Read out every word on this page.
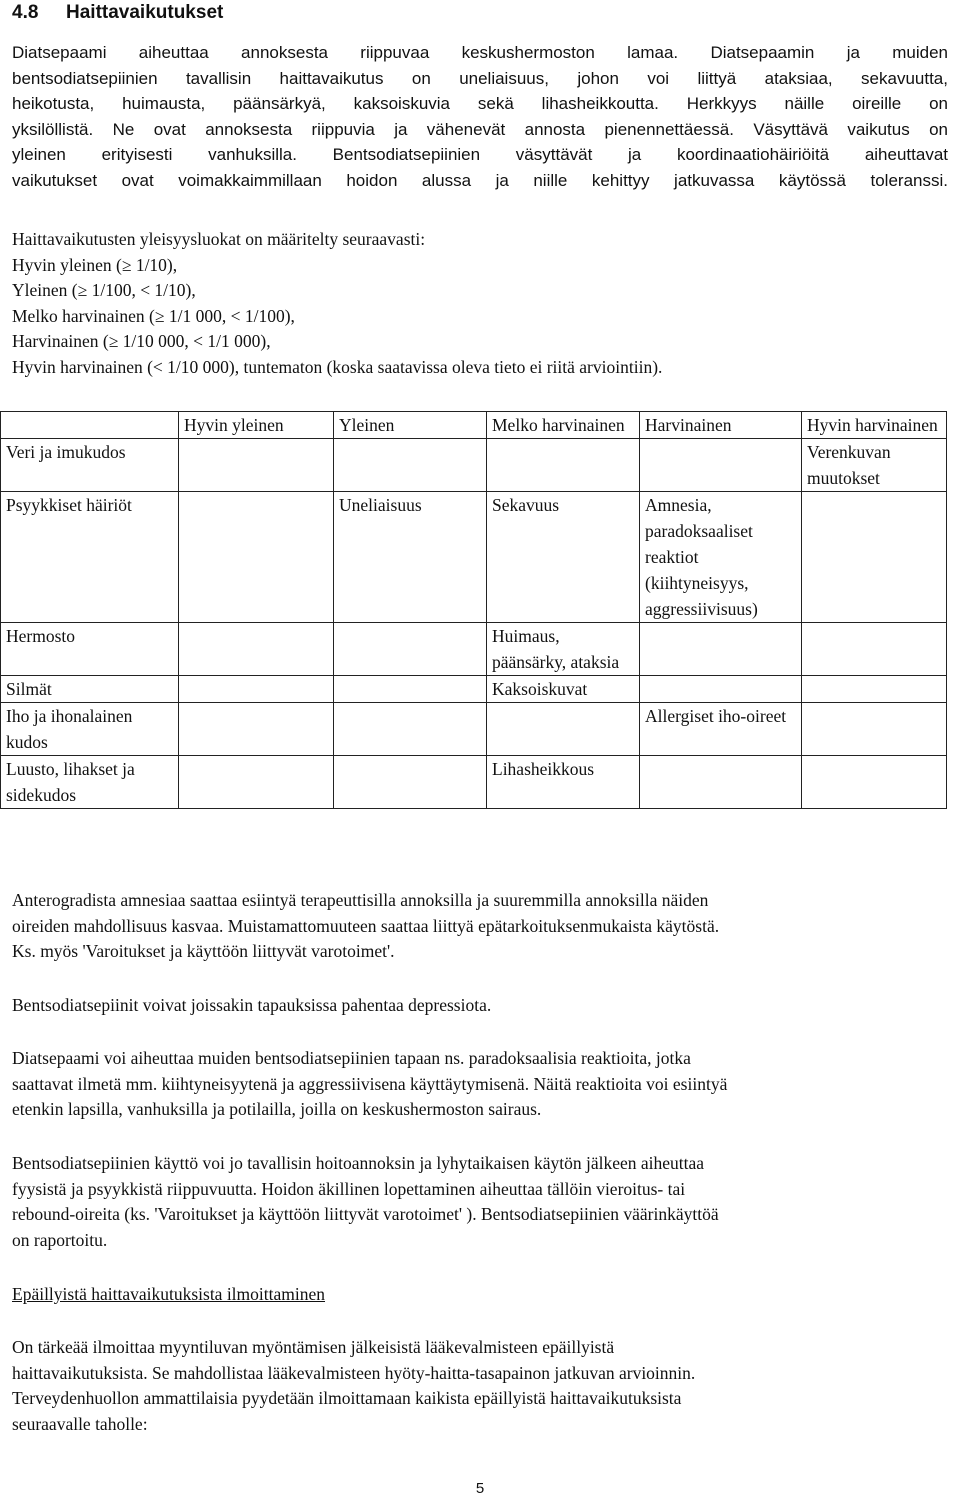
4.8 Haittavaikutukset
Diatsepaami aiheuttaa annoksesta riippuvaa keskushermoston lamaa. Diatsepaamin ja muiden
bentsodiatsepiinien tavallisin haittavaikutus on uneliaisuus, johon voi liittyä ataksiaa, sekavuutta,
heikotusta, huimausta, päänsärkyä, kaksoiskuvia sekä lihasheikkoutta. Herkkyys näille oireille on
yksilöllistä. Ne ovat annoksesta riippuvia ja vähenevät annosta pienennettäessä. Väsyttävä vaikutus on
yleinen erityisesti vanhuksilla. Bentsodiatsepiinien väsyttävät ja koordinaatiohäiriöitä aiheuttavat
vaikutukset ovat voimakkaimmillaan hoidon alussa ja niille kehittyy jatkuvassa käytössä toleranssi.
Haittavaikutusten yleisyysluokat on määritelty seuraavasti:
Hyvin yleinen (≥ 1/10),
Yleinen (≥ 1/100, < 1/10),
Melko harvinainen (≥ 1/1 000, < 1/100),
Harvinainen (≥ 1/10 000, < 1/1 000),
Hyvin harvinainen (< 1/10 000), tuntematon (koska saatavissa oleva tieto ei riitä arviointiin).
	Hyvin yleinen	Yleinen	Melko harvinainen	Harvinainen	Hyvin harvinainen
Veri ja imukudos					Verenkuvan muutokset
Psyykkiset häiriöt		Uneliaisuus	Sekavuus	Amnesia, paradoksaaliset reaktiot (kiihtyneisyys, aggressiivisuus)	
Hermosto			Huimaus, päänsärky, ataksia		
Silmät			Kaksoiskuvat		
Iho ja ihonalainen kudos				Allergiset iho-oireet	
Luusto, lihakset ja sidekudos			Lihasheikkous		
Anterogradista amnesiaa saattaa esiintyä terapeuttisilla annoksilla ja suuremmilla annoksilla näiden
oireiden mahdollisuus kasvaa. Muistamattomuuteen saattaa liittyä epätarkoituksenmukaista käytöstä.
Ks. myös 'Varoitukset ja käyttöön liittyvät varotoimet'.
Bentsodiatsepiinit voivat joissakin tapauksissa pahentaa depressiota.
Diatsepaami voi aiheuttaa muiden bentsodiatsepiinien tapaan ns. paradoksaalisia reaktioita, jotka
saattavat ilmetä mm. kiihtyneisyytenä ja aggressiivisena käyttäytymisenä. Näitä reaktioita voi esiintyä
etenkin lapsilla, vanhuksilla ja potilailla, joilla on keskushermoston sairaus.
Bentsodiatsepiinien käyttö voi jo tavallisin hoitoannoksin ja lyhytaikaisen käytön jälkeen aiheuttaa
fyysistä ja psyykkistä riippuvuutta. Hoidon äkillinen lopettaminen aiheuttaa tällöin vieroitus- tai
rebound-oireita (ks. 'Varoitukset ja käyttöön liittyvät varotoimet' ). Bentsodiatsepiinien väärinkäyttöä
on raportoitu.
Epäillyistä haittavaikutuksista ilmoittaminen
On tärkeää ilmoittaa myyntiluvan myöntämisen jälkeisistä lääkevalmisteen epäillyistä
haittavaikutuksista. Se mahdollistaa lääkevalmisteen hyöty-haitta-tasapainon jatkuvan arvioinnin.
Terveydenhuollon ammattilaisia pyydetään ilmoittamaan kaikista epäillyistä haittavaikutuksista
seuraavalle taholle:
5
